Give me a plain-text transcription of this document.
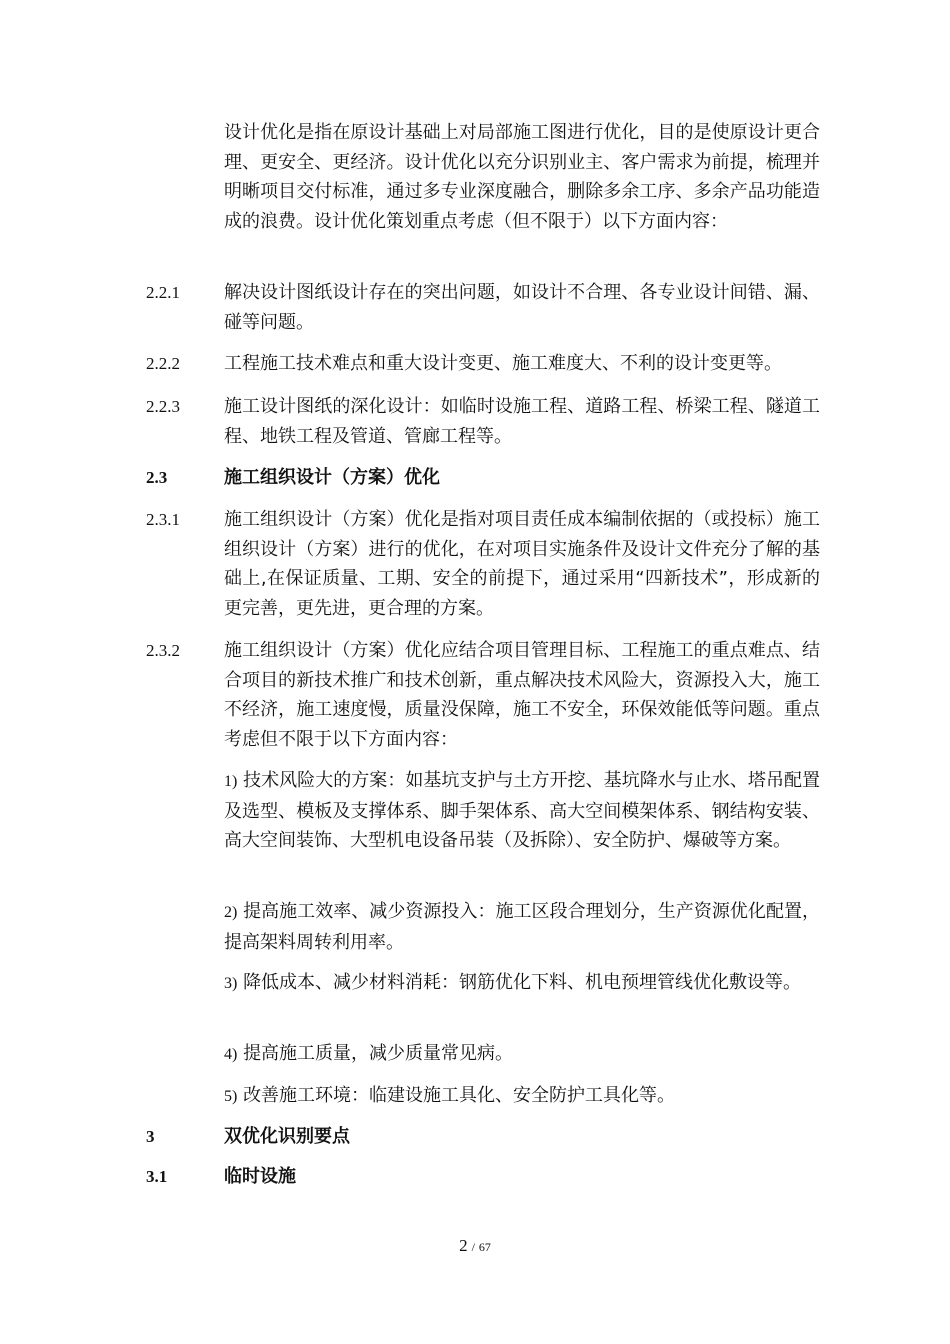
设计优化是指在原设计基础上对局部施工图进行优化，目的是使原设计更合理、更安全、更经济。设计优化以充分识别业主、客户需求为前提，梳理并明晰项目交付标准，通过多专业深度融合，删除多余工序、多余产品功能造成的浪费。设计优化策划重点考虑（但不限于）以下方面内容：

2.2.1 解决设计图纸设计存在的突出问题，如设计不合理、各专业设计间错、漏、碰等问题。

2.2.2 工程施工技术难点和重大设计变更、施工难度大、不利的设计变更等。

2.2.3 施工设计图纸的深化设计：如临时设施工程、道路工程、桥梁工程、隧道工程、地铁工程及管道、管廊工程等。

2.3	施工组织设计（方案）优化
2.3.1 施工组织设计（方案）优化是指对项目责任成本编制依据的（或投标）施工组织设计（方案）进行的优化，在对项目实施条件及设计文件充分了解的基础上,在保证质量、工期、安全的前提下，通过采用“四新技术”，形成新的更完善，更先进，更合理的方案。

2.3.2 施工组织设计（方案）优化应结合项目管理目标、工程施工的重点难点、结合项目的新技术推广和技术创新，重点解决技术风险大，资源投入大，施工不经济，施工速度慢，质量没保障，施工不安全，环保效能低等问题。重点考虑但不限于以下方面内容：

1) 技术风险大的方案：如基坑支护与土方开挖、基坑降水与止水、塔吊配置及选型、模板及支撑体系、脚手架体系、高大空间模架体系、钢结构安装、高大空间装饰、大型机电设备吊装（及拆除）、安全防护、爆破等方案。

2) 提高施工效率、减少资源投入：施工区段合理划分，生产资源优化配置，提高架料周转利用率。

3) 降低成本、减少材料消耗：钢筋优化下料、机电预埋管线优化敷设等。

4) 提高施工质量，减少质量常见病。

5) 改善施工环境：临建设施工具化、安全防护工具化等。

3	双优化识别要点
3.1	临时设施
2 / 67
